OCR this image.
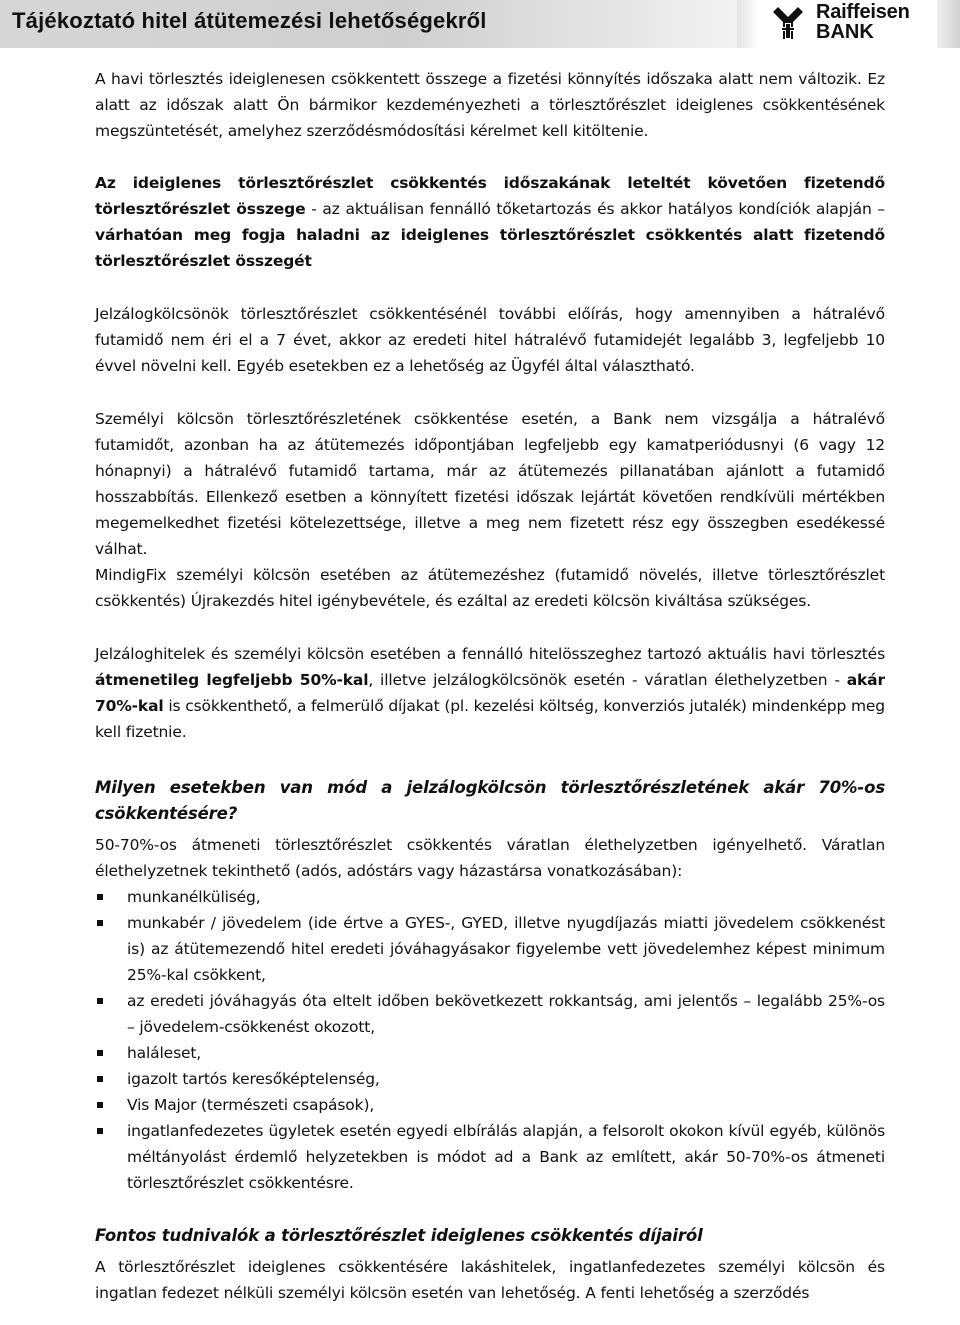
Tájékoztató hitel átütemezési lehetőségekről	Raiffeisen
BANK

A havi törlesztés ideiglenesen csökkentett összege a fizetési könnyítés időszaka alatt nem változik. Ez alatt az időszak alatt Ön bármikor kezdeményezheti a törlesztőrészlet ideiglenes csökkentésének megszüntetését, amelyhez szerződésmódosítási kérelmet kell kitöltenie.

Az ideiglenes törlesztőrészlet csökkentés időszakának leteltét követően fizetendő törlesztőrészlet összege - az aktuálisan fennálló tőketartozás és akkor hatályos kondíciók alapján – várhatóan meg fogja haladni az ideiglenes törlesztőrészlet csökkentés alatt fizetendő törlesztőrészlet összegét

Jelzálogkölcsönök törlesztőrészlet csökkentésénél további előírás, hogy amennyiben a hátralévő futamidő nem éri el a 7 évet, akkor az eredeti hitel hátralévő futamidejét legalább 3, legfeljebb 10 évvel növelni kell. Egyéb esetekben ez a lehetőség az Ügyfél által választható.

Személyi kölcsön törlesztőrészletének csökkentése esetén, a Bank nem vizsgálja a hátralévő futamidőt, azonban ha az átütemezés időpontjában legfeljebb egy kamatperiódusnyi (6 vagy 12 hónapnyi) a hátralévő futamidő tartama, már az átütemezés pillanatában ajánlott a futamidő hosszabbítás. Ellenkező esetben a könnyített fizetési időszak lejártát követően rendkívüli mértékben megemelkedhet fizetési kötelezettsége, illetve a meg nem fizetett rész egy összegben esedékessé válhat.

MindigFix személyi kölcsön esetében az átütemezéshez (futamidő növelés, illetve törlesztőrészlet csökkentés) Újrakezdés hitel igénybevétele, és ezáltal az eredeti kölcsön kiváltása szükséges.

Jelzáloghitelek és személyi kölcsön esetében a fennálló hitelösszeghez tartozó aktuális havi törlesztés átmenetileg legfeljebb 50%-kal, illetve jelzálogkölcsönök esetén - váratlan élethelyzetben - akár 70%-kal is csökkenthető, a felmerülő díjakat (pl. kezelési költség, konverziós jutalék) mindenképp meg kell fizetnie.

Milyen esetekben van mód a jelzálogkölcsön törlesztőrészletének akár 70%-os csökkentésére?

50-70%-os átmeneti törlesztőrészlet csökkentés váratlan élethelyzetben igényelhető. Váratlan élethelyzetnek tekinthető (adós, adóstárs vagy házastársa vonatkozásában):

munkanélküliség,
munkabér / jövedelem (ide értve a GYES-, GYED, illetve nyugdíjazás miatti jövedelem csökkenést is) az átütemezendő hitel eredeti jóváhagyásakor figyelembe vett jövedelemhez képest minimum 25%-kal csökkent,
az eredeti jóváhagyás óta eltelt időben bekövetkezett rokkantság, ami jelentős – legalább 25%-os – jövedelem-csökkenést okozott,
haláleset,
igazolt tartós keresőképtelenség,
Vis Major (természeti csapások),
ingatlanfedezetes ügyletek esetén egyedi elbírálás alapján, a felsorolt okokon kívül egyéb, különös méltányolást érdemlő helyzetekben is módot ad a Bank az említett, akár 50-70%-os átmeneti törlesztőrészlet csökkentésre.

Fontos tudnivalók a törlesztőrészlet ideiglenes csökkentés díjairól

A törlesztőrészlet ideiglenes csökkentésére lakáshitelek, ingatlanfedezetes személyi kölcsön és ingatlan fedezet nélküli személyi kölcsön esetén van lehetőség. A fenti lehetőség a szerződés
